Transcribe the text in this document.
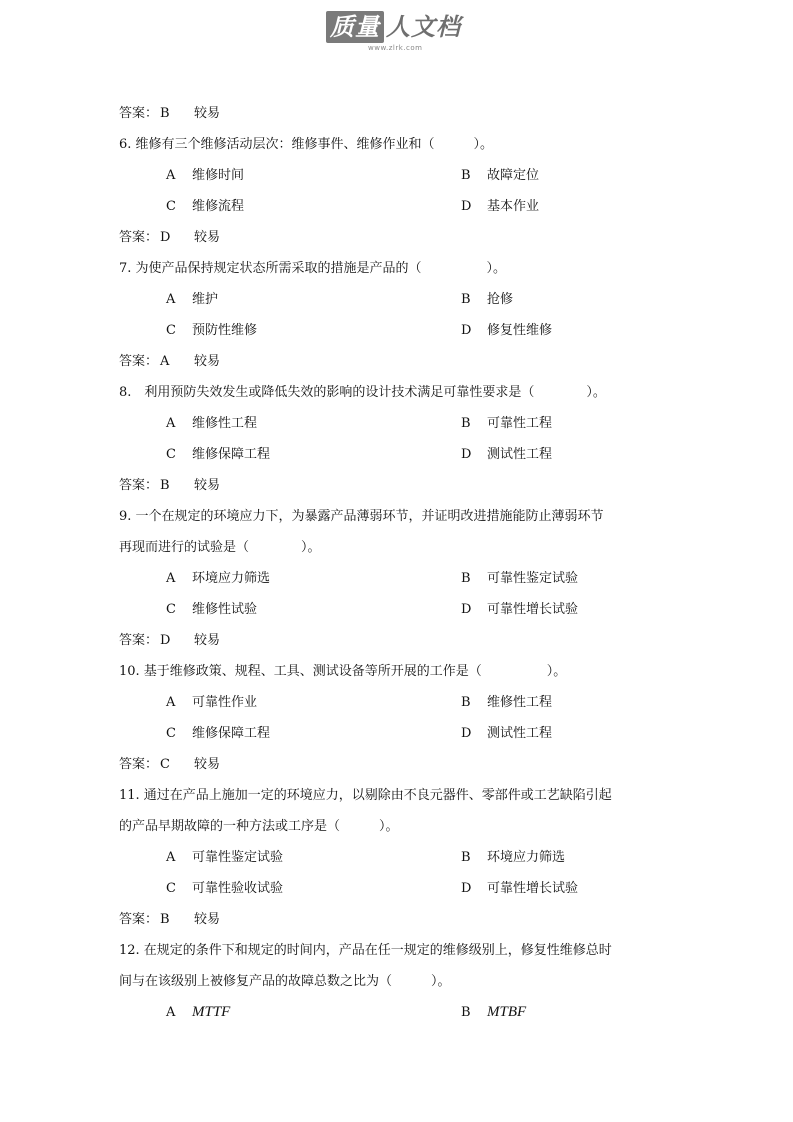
质量 人文档
www.zlrk.com
答案： B 较易
6. 维修有三个维修活动层次：维修事件、维修作业和（　　　）。
A 维修时间	B 故障定位
C 维修流程	D 基本作业
答案： D 较易
7. 为使产品保持规定状态所需采取的措施是产品的（　　　　　）。
A 维护	B 抢修
C 预防性维修	D 修复性维修
答案： A 较易
8.　利用预防失效发生或降低失效的影响的设计技术满足可靠性要求是（　　　　）。
A 维修性工程	B 可靠性工程
C 维修保障工程	D 测试性工程
答案： B 较易
9. 一个在规定的环境应力下，为暴露产品薄弱环节，并证明改进措施能防止薄弱环节
再现而进行的试验是（　　　　）。
A 环境应力筛选	B 可靠性鉴定试验
C 维修性试验	D 可靠性增长试验
答案： D 较易
10. 基于维修政策、规程、工具、测试设备等所开展的工作是（　　　　　）。
A 可靠性作业	B 维修性工程
C 维修保障工程	D 测试性工程
答案： C 较易
11. 通过在产品上施加一定的环境应力，以剔除由不良元器件、零部件或工艺缺陷引起
的产品早期故障的一种方法或工序是（　　　）。
A 可靠性鉴定试验	B 环境应力筛选
C 可靠性验收试验	D 可靠性增长试验
答案： B 较易
12. 在规定的条件下和规定的时间内，产品在任一规定的维修级别上，修复性维修总时
间与在该级别上被修复产品的故障总数之比为（　　　）。
A MTTF	B MTBF
